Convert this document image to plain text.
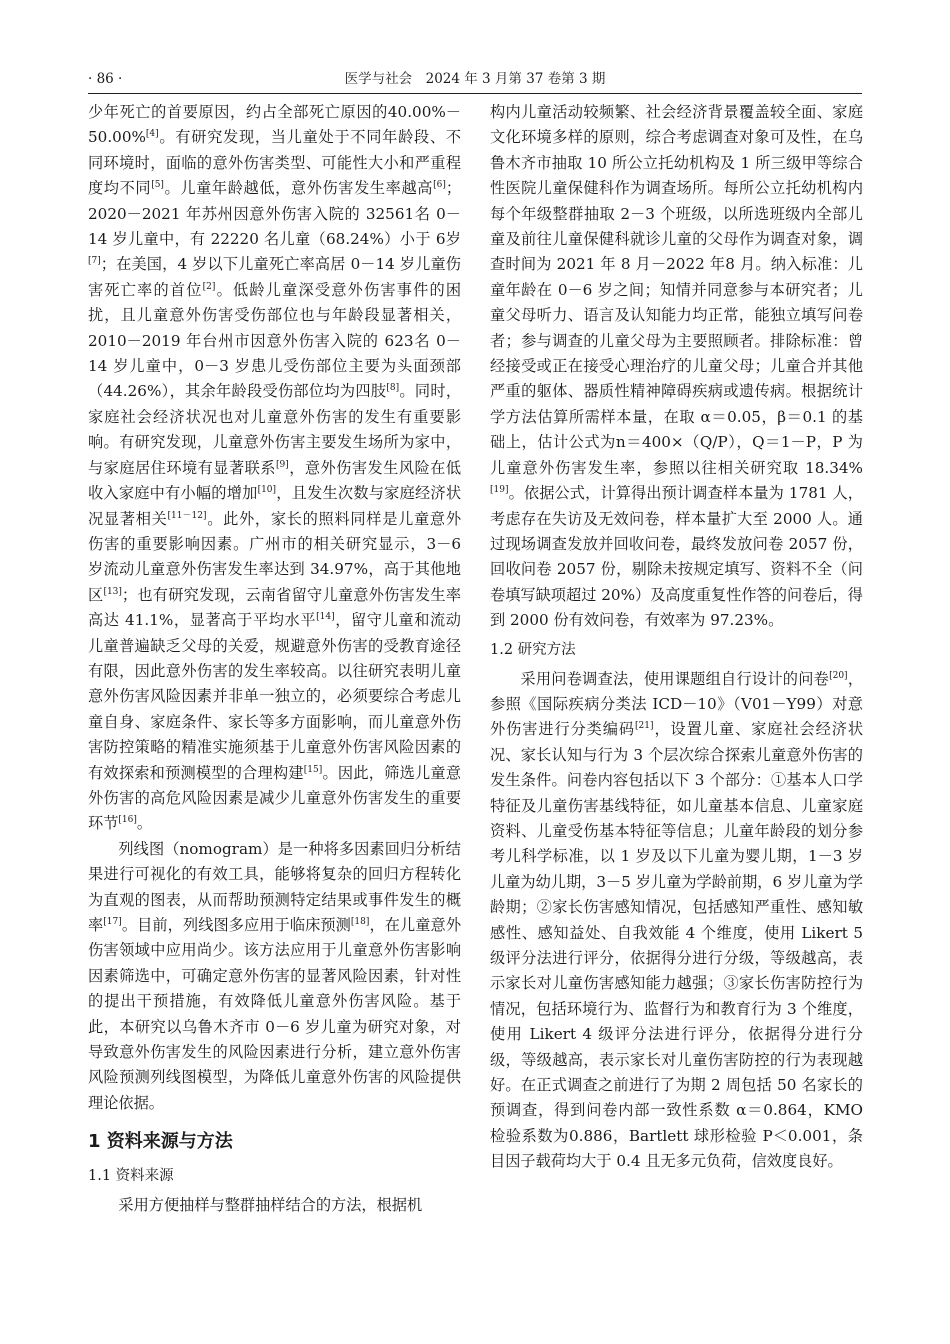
· 86 ·	医学与社会　2024 年 3 月第 37 卷第 3 期

少年死亡的首要原因，约占全部死亡原因的40.00%－50.00%[4]。有研究发现，当儿童处于不同年龄段、不同环境时，面临的意外伤害类型、可能性大小和严重程度均不同[5]。儿童年龄越低，意外伤害发生率越高[6]；2020－2021 年苏州因意外伤害入院的 32561名 0－14 岁儿童中，有 22220 名儿童（68.24%）小于 6岁[7]；在美国，4 岁以下儿童死亡率高居 0－14 岁儿童伤害死亡率的首位[2]。低龄儿童深受意外伤害事件的困扰，且儿童意外伤害受伤部位也与年龄段显著相关，2010－2019 年台州市因意外伤害入院的 623名 0－14 岁儿童中，0－3 岁患儿受伤部位主要为头面颈部（44.26%），其余年龄段受伤部位均为四肢[8]。同时，家庭社会经济状况也对儿童意外伤害的发生有重要影响。有研究发现，儿童意外伤害主要发生场所为家中，与家庭居住环境有显著联系[9]，意外伤害发生风险在低收入家庭中有小幅的增加[10]，且发生次数与家庭经济状况显著相关[11－12]。此外，家长的照料同样是儿童意外伤害的重要影响因素。广州市的相关研究显示，3－6 岁流动儿童意外伤害发生率达到 34.97%，高于其他地区[13]；也有研究发现，云南省留守儿童意外伤害发生率高达 41.1%，显著高于平均水平[14]，留守儿童和流动儿童普遍缺乏父母的关爱，规避意外伤害的受教育途径有限，因此意外伤害的发生率较高。以往研究表明儿童意外伤害风险因素并非单一独立的，必须要综合考虑儿童自身、家庭条件、家长等多方面影响，而儿童意外伤害防控策略的精准实施须基于儿童意外伤害风险因素的有效探索和预测模型的合理构建[15]。因此，筛选儿童意外伤害的高危风险因素是减少儿童意外伤害发生的重要环节[16]。

列线图（nomogram）是一种将多因素回归分析结果进行可视化的有效工具，能够将复杂的回归方程转化为直观的图表，从而帮助预测特定结果或事件发生的概率[17]。目前，列线图多应用于临床预测[18]，在儿童意外伤害领域中应用尚少。该方法应用于儿童意外伤害影响因素筛选中，可确定意外伤害的显著风险因素，针对性的提出干预措施，有效降低儿童意外伤害风险。基于此，本研究以乌鲁木齐市 0－6 岁儿童为研究对象，对导致意外伤害发生的风险因素进行分析，建立意外伤害风险预测列线图模型，为降低儿童意外伤害的风险提供理论依据。

1 资料来源与方法
1.1 资料来源

采用方便抽样与整群抽样结合的方法，根据机

构内儿童活动较频繁、社会经济背景覆盖较全面、家庭文化环境多样的原则，综合考虑调查对象可及性，在乌鲁木齐市抽取 10 所公立托幼机构及 1 所三级甲等综合性医院儿童保健科作为调查场所。每所公立托幼机构内每个年级整群抽取 2－3 个班级，以所选班级内全部儿童及前往儿童保健科就诊儿童的父母作为调查对象，调查时间为 2021 年 8 月－2022 年8 月。纳入标准：儿童年龄在 0－6 岁之间；知情并同意参与本研究者；儿童父母听力、语言及认知能力均正常，能独立填写问卷者；参与调查的儿童父母为主要照顾者。排除标准：曾经接受或正在接受心理治疗的儿童父母；儿童合并其他严重的躯体、器质性精神障碍疾病或遗传病。根据统计学方法估算所需样本量，在取 α＝0.05，β＝0.1 的基础上，估计公式为n＝400×（Q/P），Q＝1－P，P 为儿童意外伤害发生率，参照以往相关研究取 18.34%[19]。依据公式，计算得出预计调查样本量为 1781 人，考虑存在失访及无效问卷，样本量扩大至 2000 人。通过现场调查发放并回收问卷，最终发放问卷 2057 份，回收问卷 2057 份，剔除未按规定填写、资料不全（问卷填写缺项超过 20%）及高度重复性作答的问卷后，得到 2000 份有效问卷，有效率为 97.23%。

1.2 研究方法

采用问卷调查法，使用课题组自行设计的问卷[20]，参照《国际疾病分类法 ICD－10》（V01－Y99）对意外伤害进行分类编码[21]，设置儿童、家庭社会经济状况、家长认知与行为 3 个层次综合探索儿童意外伤害的发生条件。问卷内容包括以下 3 个部分：①基本人口学特征及儿童伤害基线特征，如儿童基本信息、儿童家庭资料、儿童受伤基本特征等信息；儿童年龄段的划分参考儿科学标准，以 1 岁及以下儿童为婴儿期，1－3 岁儿童为幼儿期，3－5 岁儿童为学龄前期，6 岁儿童为学龄期；②家长伤害感知情况，包括感知严重性、感知敏感性、感知益处、自我效能 4 个维度，使用 Likert 5 级评分法进行评分，依据得分进行分级，等级越高，表示家长对儿童伤害感知能力越强；③家长伤害防控行为情况，包括环境行为、监督行为和教育行为 3 个维度，使用 Likert 4 级评分法进行评分，依据得分进行分级，等级越高，表示家长对儿童伤害防控的行为表现越好。在正式调查之前进行了为期 2 周包括 50 名家长的预调查，得到问卷内部一致性系数 α＝0.864，KMO 检验系数为0.886，Bartlett 球形检验 P＜0.001，条目因子载荷均大于 0.4 且无多元负荷，信效度良好。
